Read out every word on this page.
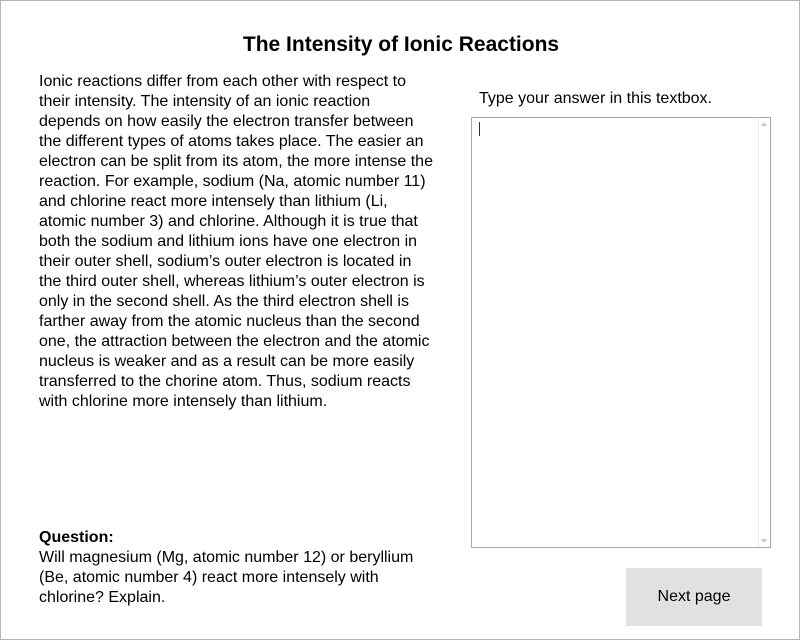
The Intensity of Ionic Reactions
Ionic reactions differ from each other with respect to
their intensity. The intensity of an ionic reaction
depends on how easily the electron transfer between
the different types of atoms takes place. The easier an
electron can be split from its atom, the more intense the
reaction. For example, sodium (Na, atomic number 11)
and chlorine react more intensely than lithium (Li,
atomic number 3) and chlorine. Although it is true that
both the sodium and lithium ions have one electron in
their outer shell, sodium’s outer electron is located in
the third outer shell, whereas lithium’s outer electron is
only in the second shell. As the third electron shell is
farther away from the atomic nucleus than the second
one, the attraction between the electron and the atomic
nucleus is weaker and as a result can be more easily
transferred to the chorine atom. Thus, sodium reacts
with chlorine more intensely than lithium.
Question:
Will magnesium (Mg, atomic number 12) or beryllium
(Be, atomic number 4) react more intensely with
chlorine? Explain.
Type your answer in this textbox.
Next page
